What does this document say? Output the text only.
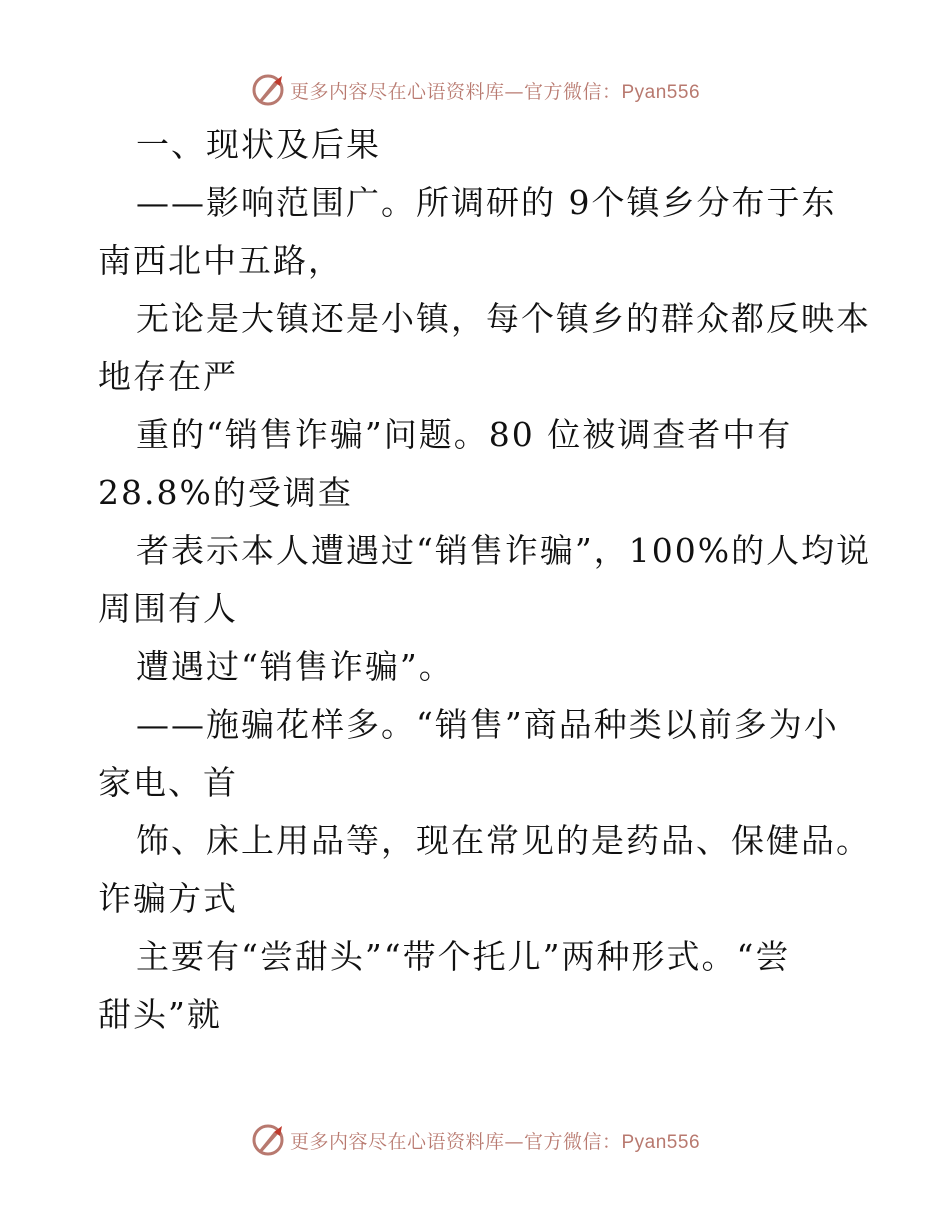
更多内容尽在心语资料库—官方微信：Pyan556
一、现状及后果
——影响范围广。所调研的 9个镇乡分布于东
南西北中五路，
无论是大镇还是小镇，每个镇乡的群众都反映本
地存在严
重的“销售诈骗”问题。80 位被调查者中有
28.8%的受调查
者表示本人遭遇过“销售诈骗”，100%的人均说
周围有人
遭遇过“销售诈骗”。
——施骗花样多。“销售”商品种类以前多为小
家电、首
饰、床上用品等，现在常见的是药品、保健品。
诈骗方式
主要有“尝甜头”“带个托儿”两种形式。“尝
甜头”就
更多内容尽在心语资料库—官方微信：Pyan556
